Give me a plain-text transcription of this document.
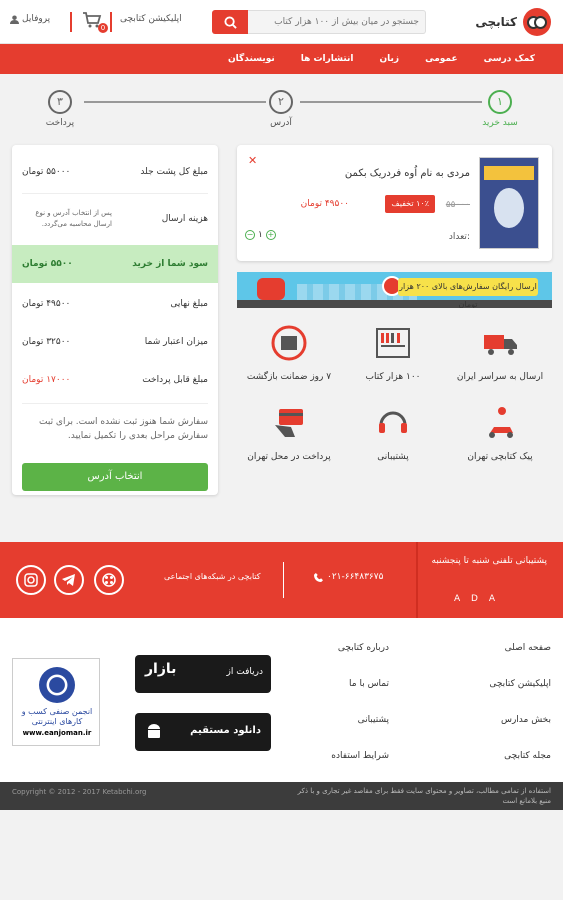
کتابچی
جستجو در میان بیش از ۱۰۰ هزار کتاب
اپلیکیشن کتابچی
0
پروفایل
کمک درسی
عمومی
زبان
انتشارات ها
نویسندگان
۱
سبد خرید
۲
آدرس
۳
پرداخت
مردی به نام اُوه فردریک بکمن
۵۵۰۰۰
۱۰٪ تخفیف
۴۹۵۰۰ تومان
✕
تعداد:
− ۱ +
ارسال رایگان سفارش‌های بالای ۲۰۰ هزار تومان
ارسال به سراسر ایران
۱۰۰ هزار کتاب
۷ روز ضمانت بازگشت
پیک کتابچی تهران
پشتیبانی
پرداخت در محل تهران
مبلغ کل پشت جلد
۵۵۰۰۰ تومان
هزینه ارسال
پس از انتخاب آدرس و نوع ارسال محاسبه می‌گردد.
سود شما از خرید
۵۵۰۰ تومان
مبلغ نهایی
۴۹۵۰۰ تومان
میزان اعتبار شما
۳۲۵۰۰ تومان
مبلغ قابل پرداخت
۱۷۰۰۰ تومان
سفارش شما هنوز ثبت نشده است. برای ثبت سفارش مراحل بعدی را تکمیل نمایید.
انتخاب آدرس
پشتیبانی تلفنی شنبه تا پنجشنبه
A D A
۰۲۱-۶۶۴۸۳۶۷۵
کتابچی در شبکه‌های اجتماعی
صفحه اصلی
اپلیکیشن کتابچی
بخش مدارس
مجله کتابچی
درباره کتابچی
تماس با ما
پشتیبانی
شرایط استفاده
بازار	دریافت از
دانلود مستقیم
انجمن صنفی کسب و کارهای اینترنتی
www.eanjoman.ir
Copyright © 2012 - 2017 Ketabchi.org	استفاده از تمامی مطالب، تصاویر و محتوای سایت فقط برای مقاصد غیر تجاری و با ذکر منبع بلامانع است
